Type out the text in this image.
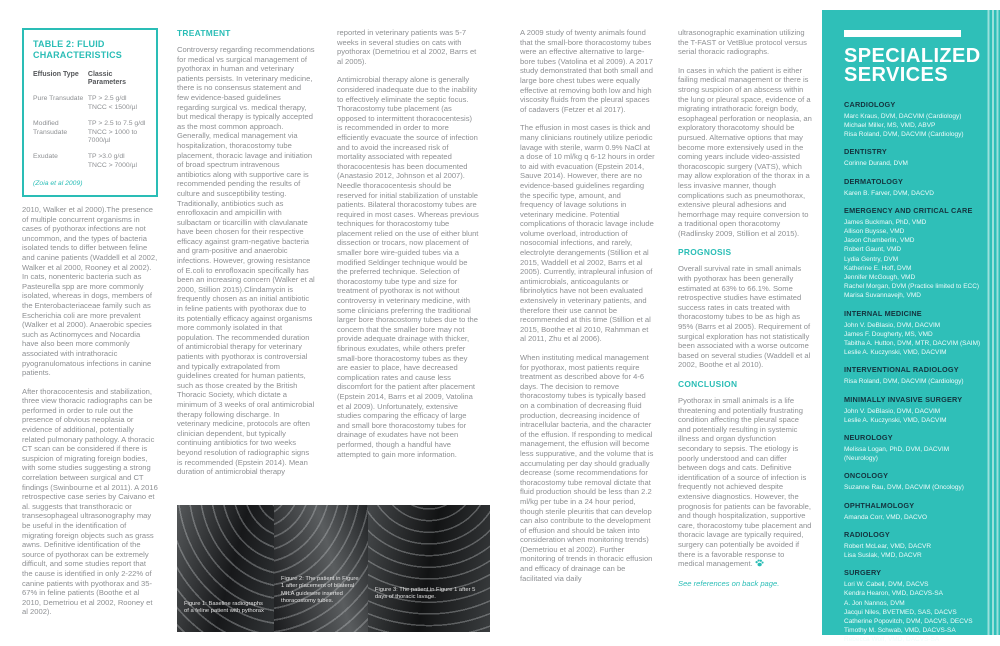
TABLE 2: FLUID CHARACTERISTICS
Effusion Type	Classic Parameters
Pure Transudate TP > 2.5 g/dl
TNCC < 1500/µl
Modified Transudate
TP > 2.5 to 7.5 g/dl
TNCC > 1000 to 7000/µl
Exudate	TP >3.0 g/dl
TNCC > 7000/µl
(Zoia et al 2009)

2010, Walker et al 2000).The presence of multiple concurrent organisms in cases of pyothorax infections are not uncommon, and the types of bacteria isolated tends to differ between feline and canine patients (Waddell et al 2002, Walker et al 2000, Rooney et al 2002). In cats, nonenteric bacteria such as Pasteurella spp are more commonly isolated, whereas in dogs, members of the Enterobacteriaceae family such as Escherichia coli are more prevalent (Walker et al 2000). Anaerobic species such as Actinomyces and Nocardia have also been more commonly associated with intrathoracic pyogranulomatous infections in canine patients.

After thoracocentesis and stabilization, three view thoracic radiographs can be performed in order to rule out the presence of obvious neoplasia or evidence of additional, potentially related pulmonary pathology. A thoracic CT scan can be considered if there is suspicion of migrating foreign bodies, with some studies suggesting a strong correlation between surgical and CT findings (Swinbourne et al 2011). A 2016 retrospective case series by Caivano et al. suggests that transthoracic or transesophageal ultrasonography may be useful in the identification of migrating foreign objects such as grass awns. Definitive identification of the source of pyothorax can be extremely difficult, and some studies report that the cause is identified in only 2-22% of canine patients with pyothorax and 35-67% in feline patients (Boothe et al 2010, Demetriou et al 2002, Rooney et al 2002).

TREATMENT

Controversy regarding recommendations for medical vs surgical management of pyothorax in human and veterinary patients persists. In veterinary medicine, there is no consensus statement and few evidence-based guidelines regarding surgical vs. medical therapy, but medical therapy is typically accepted as the most common approach. Generally, medical management via hospitalization, thoracostomy tube placement, thoracic lavage and initiation of broad spectrum intravenous antibiotics along with supportive care is recommended pending the results of culture and susceptibility testing. Traditionally, antibiotics such as enrofloxacin and ampicillin with sulbactam or ticarcillin with clavulanate have been chosen for their respective efficacy against gram-negative bacteria and gram-positive and anaerobic infections. However, growing resistance of E.coli to enrofloxacin specifically has been an increasing concern (Walker et al 2000, Stillion 2015).Clindamycin is frequently chosen as an initial antibiotic in feline patients with pyothorax due to its potentially efficacy against organisms more commonly isolated in that population. The recommended duration of antimicrobial therapy for veterinary patients with pyothorax is controversial and typically extrapolated from guidelines created for human patients, such as those created by the British Thoracic Society, which dictate a minimum of 3 weeks of oral antimicrobial therapy following discharge. In veterinary medicine, protocols are often clinician dependent, but typically continuing antibiotics for two weeks beyond resolution of radiographic signs is recommended (Epstein 2014). Mean duration of antimicrobial therapy

reported in veterinary patients was 5-7 weeks in several studies on cats with pyothorax (Demetriou et al 2002, Barrs et al 2005).

Antimicrobial therapy alone is generally considered inadequate due to the inability to effectively eliminate the septic focus. Thoracostomy tube placement (as opposed to intermittent thoracocentesis) is recommended in order to more efficiently evacuate the source of infection and to avoid the increased risk of mortality associated with repeated thoracocentesis has been documented (Anastasio 2012, Johnson et al 2007). Needle thoracocentesis should be reserved for initial stabilization of unstable patients. Bilateral thoracostomy tubes are required in most cases. Whereas previous techniques for thoracostomy tube placement relied on the use of either blunt dissection or trocars, now placement of smaller bore wire-guided tubes via a modified Seldinger technique would be the preferred technique. Selection of thoracostomy tube type and size for treatment of pyothorax is not without controversy in veterinary medicine, with some clinicians preferring the traditional larger bore thoracostomy tubes due to the concern that the smaller bore may not provide adequate drainage with thicker, fibrinous exudates, while others prefer small-bore thoracostomy tubes as they are easier to place, have decreased complication rates and cause less discomfort for the patient after placement (Epstein 2014, Barrs et al 2009, Vatolina et al 2009). Unfortunately, extensive studies comparing the efficacy of large and small bore thoracostomy tubes for drainage of exudates have not been performed, though a handful have attempted to gain more information.

A 2009 study of twenty animals found that the small-bore thoracostomy tubes were an effective alternative to large-bore tubes (Vatolina et al 2009). A 2017 study demonstrated that both small and large bore chest tubes were equally effective at removing both low and high viscosity fluids from the pleural spaces of cadavers (Fetzer et al 2017).

The effusion in most cases is thick and many clinicians routinely utilize periodic lavage with sterile, warm 0.9% NaCl at a dose of 10 ml/kg q 6-12 hours in order to aid with evacuation (Epstein 2014, Sauve 2014). However, there are no evidence-based guidelines regarding the specific type, amount, and frequency of lavage solutions in veterinary medicine. Potential complications of thoracic lavage include volume overload, introduction of nosocomial infections, and rarely, electrolyte derangements (Stillion et al 2015, Waddell et al 2002, Barrs et al 2005). Currently, intrapleural infusion of antimicrobials, anticoagulants or fibrinolytics have not been evaluated extensively in veterinary patients, and therefore their use cannot be recommended at this time (Stillion et al 2015, Boothe et al 2010, Rahmman et al 2011, Zhu et al 2006).

When instituting medical management for pyothorax, most patients require treatment as described above for 4-6 days. The decision to remove thoracostomy tubes is typically based on a combination of decreasing fluid production, decreasing incidence of intracellular bacteria, and the character of the effusion. If responding to medical management, the effusion will become less suppurative, and the volume that is accumulating per day should gradually decrease (some recommendations for thoracostomy tube removal dictate that fluid production should be less than 2.2 ml/kg per tube in a 24 hour period, though sterile pleuritis that can develop can also contribute to the development of effusion and should be taken into consideration when monitoring trends) (Demetriou et al 2002). Further monitoring of trends in thoracic effusion and efficacy of drainage can be facilitated via daily

ultrasonographic examination utilizing the T-FAST or VetBlue protocol versus serial thoracic radiographs.

In cases in which the patient is either failing medical management or there is strong suspicion of an abscess within the lung or pleural space, evidence of a migrating intrathoracic foreign body, esophageal perforation or neoplasia, an exploratory thoracotomy should be pursued. Alternative options that may become more extensively used in the coming years include video-assisted thoracoscopic surgery (VATS), which may allow exploration of the thorax in a less invasive manner, though complications such as pneumothorax, extensive pleural adhesions and hemorrhage may require conversion to a traditional open thoracotomy (Radlinsky 2009, Stillion et al 2015).

PROGNOSIS

Overall survival rate in small animals with pyothorax has been generally estimated at 63% to 66.1%. Some retrospective studies have estimated success rates in cats treated with thoracostomy tubes to be as high as 95% (Barrs et al 2005). Requirement of surgical exploration has not statistically been associated with a worse outcome based on several studies (Waddell et al 2002, Boothe et al 2010).

CONCLUSION

Pyothorax in small animals is a life threatening and potentially frustrating condition affecting the pleural space and potentially resulting in systemic illness and organ dysfunction secondary to sepsis. The etiology is poorly understood and can differ between dogs and cats. Definitive identification of a source of infection is frequently not achieved despite extensive diagnostics. However, the prognosis for patients can be favorable, and though hospitalization, supportive care, thoracostomy tube placement and thoracic lavage are typically required, surgery can potentially be avoided if there is a favorable response to medical management.

See references on back page.

Figure 1: Baseline radiographs of a feline patient with pythorax
Figure 2: The patient in Figure 1 after placement of bilateral MILA guidewire inserted thoracostomy tubes.
Figure 3: The patient in Figure 1 after 5 days of thoracic lavage.
SPECIALIZED SERVICES
CARDIOLOGY
Marc Kraus, DVM, DACVIM (Cardiology)
Michael Miller, MS, VMD, ABVP
Risa Roland, DVM, DACVIM (Cardiology)
DENTISTRY
Corinne Durand, DVM
DERMATOLOGY
Karen B. Farver, DVM, DACVD
EMERGENCY AND CRITICAL CARE
James Buckman, PhD, VMD
Allison Buysse, VMD
Jason Chamberlin, VMD
Robert Gaunt, VMD
Lydia Gentry, DVM
Katherine E. Hoff, DVM
Jennifer McGough, VMD
Rachel Morgan, DVM (Practice limited to ECC)
Marisa Suvannavejh, VMD
INTERNAL MEDICINE
John V. DeBlasio, DVM, DACVIM
James F. Dougherty, MS, VMD
Tabitha A. Hutton, DVM, MTR, DACVIM (SAIM)
Leslie A. Kuczynski, VMD, DACVIM
INTERVENTIONAL RADIOLOGY
Risa Roland, DVM, DACVIM (Cardiology)
MINIMALLY INVASIVE SURGERY
John V. DeBlasio, DVM, DACVIM
Leslie A. Kuczynski, VMD, DACVIM
NEUROLOGY
Melissa Logan, PhD, DVM, DACVIM (Neurology)
ONCOLOGY
Suzanne Rau, DVM, DACVIM (Oncology)
OPHTHALMOLOGY
Amanda Corr, VMD, DACVO
RADIOLOGY
Robert McLear, VMD, DACVR
Lisa Suslak, VMD, DACVR
SURGERY
Lori W. Cabell, DVM, DACVS
Kendra Hearon, VMD, DACVS-SA
A. Jon Nannos, DVM
Jacqui Niles, BVETMED, SAS, DACVS
Catherine Popovitch, DVM, DACVS, DECVS
Timothy M. Schwab, VMD, DACVS-SA
Rebecca Wolf, VMD, DACVS-SA
